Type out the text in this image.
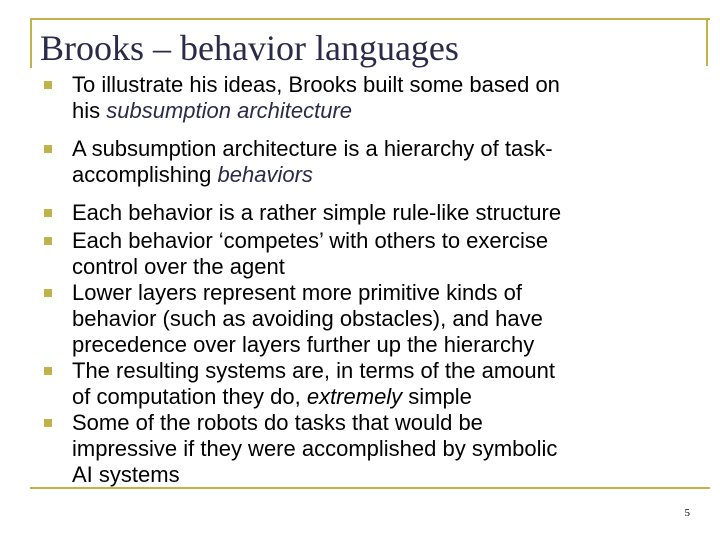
Brooks – behavior languages
To illustrate his ideas, Brooks built some based on
his subsumption architecture
A subsumption architecture is a hierarchy of task-
accomplishing behaviors
Each behavior is a rather simple rule-like structure
Each behavior ‘competes’ with others to exercise
control over the agent
Lower layers represent more primitive kinds of
behavior (such as avoiding obstacles), and have
precedence over layers further up the hierarchy
The resulting systems are, in terms of the amount
of computation they do, extremely simple
Some of the robots do tasks that would be
impressive if they were accomplished by symbolic
AI systems
5
